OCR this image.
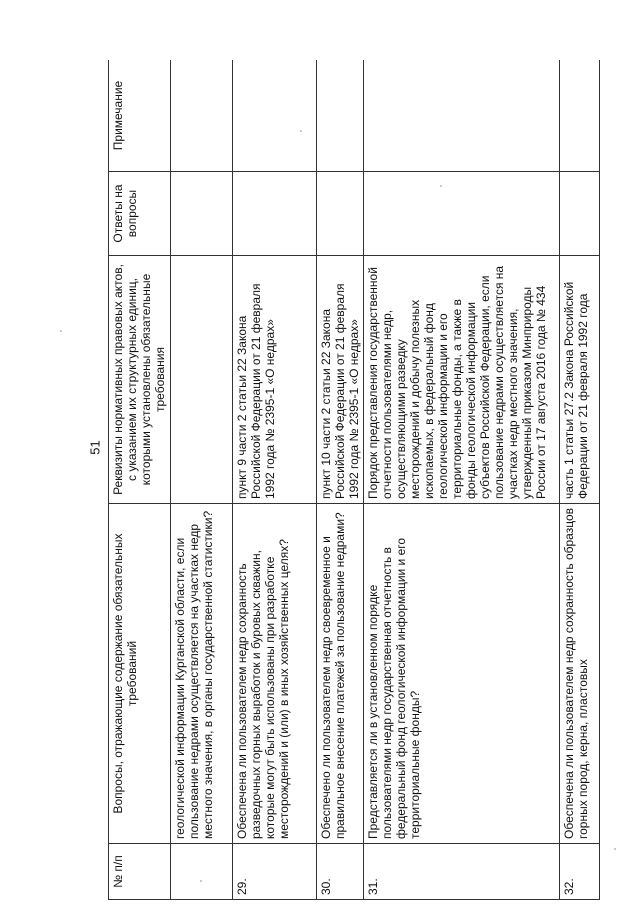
51
№ п/п	Вопросы, отражающие содержание обязательных требований	Реквизиты нормативных правовых актов, с указанием их структурных единиц, которыми установлены обязательные требования	Ответы на вопросы	Примечание
	геологической информации Курганской области, если пользование недрами осуществляется на участках недр местного значения, в органы государственной статистики?			
29.	Обеспечена ли пользователем недр сохранность разведочных горных выработок и буровых скважин, которые могут быть использованы при разработке месторождений и (или) в иных хозяйственных целях?	пункт 9 части 2 статьи 22 Закона Российской Федерации от 21 февраля 1992 года № 2395-1 «О недрах»		
30.	Обеспечено ли пользователем недр своевременное и правильное внесение платежей за пользование недрами?	пункт 10 части 2 статьи 22 Закона Российской Федерации от 21 февраля 1992 года № 2395-1 «О недрах»		
31.	Представляется ли в установленном порядке пользователями недр государственная отчетность в федеральный фонд геологической информации и его территориальные фонды?	Порядок представления государственной отчетности пользователями недр, осуществляющими разведку месторождений и добычу полезных ископаемых, в федеральный фонд геологической информации и его территориальные фонды, а также в фонды геологической информации субъектов Российской Федерации, если пользование недрами осуществляется на участках недр местного значения, утвержденный приказом Минприроды России от 17 августа 2016 года № 434		
32.	Обеспечена ли пользователем недр сохранность образцов горных пород, керна, пластовых	часть 1 статьи 27.2 Закона Российской Федерации от 21 февраля 1992 года		
